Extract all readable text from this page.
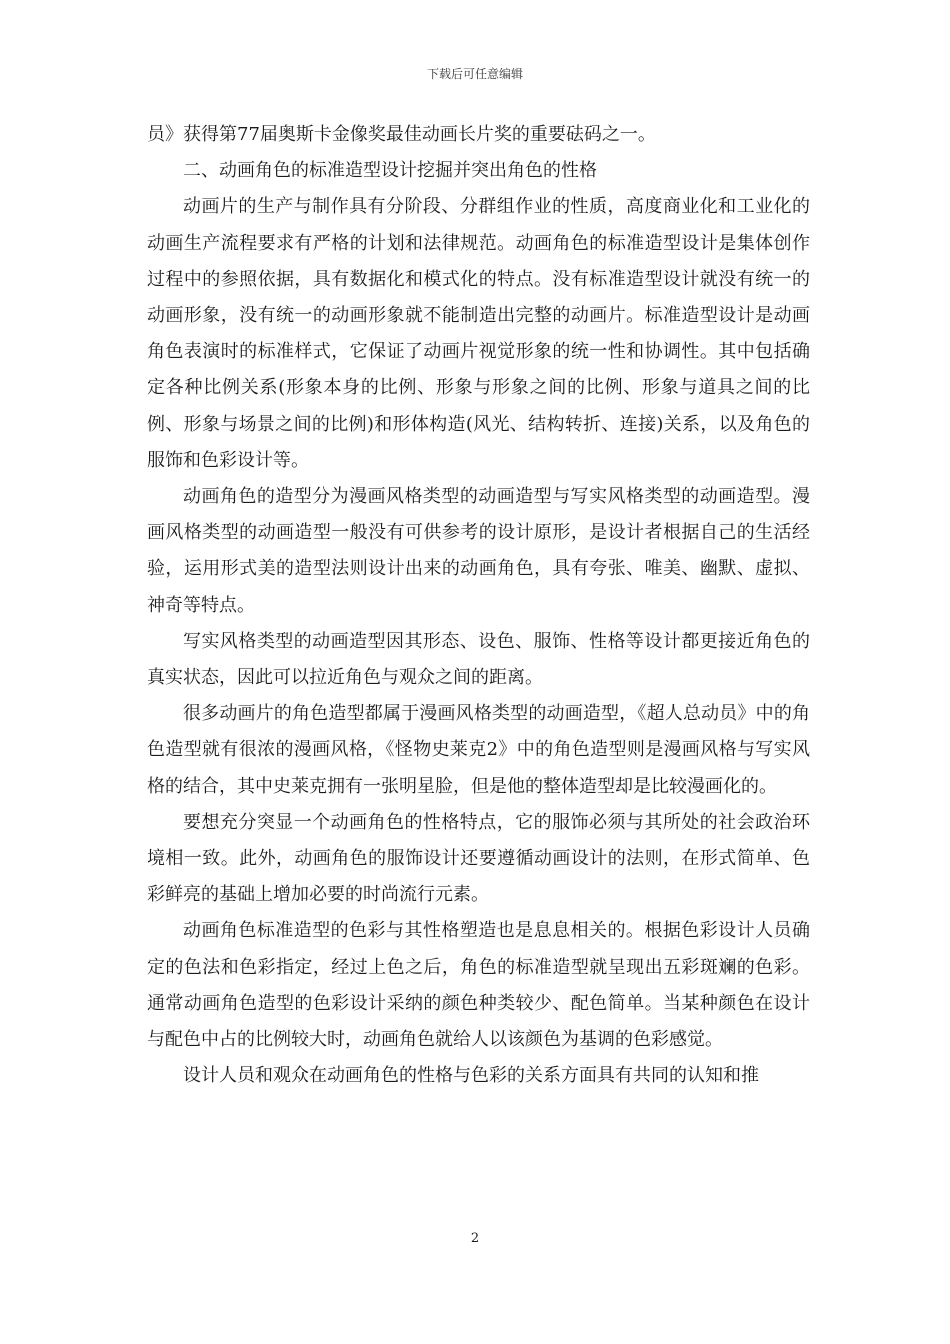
下载后可任意编辑

员》获得第77届奥斯卡金像奖最佳动画长片奖的重要砝码之一。

二、动画角色的标准造型设计挖掘并突出角色的性格

动画片的生产与制作具有分阶段、分群组作业的性质，高度商业化和工业化的动画生产流程要求有严格的计划和法律规范。动画角色的标准造型设计是集体创作过程中的参照依据，具有数据化和模式化的特点。没有标准造型设计就没有统一的动画形象，没有统一的动画形象就不能制造出完整的动画片。标准造型设计是动画角色表演时的标准样式，它保证了动画片视觉形象的统一性和协调性。其中包括确定各种比例关系(形象本身的比例、形象与形象之间的比例、形象与道具之间的比例、形象与场景之间的比例)和形体构造(风光、结构转折、连接)关系，以及角色的服饰和色彩设计等。

动画角色的造型分为漫画风格类型的动画造型与写实风格类型的动画造型。漫画风格类型的动画造型一般没有可供参考的设计原形，是设计者根据自己的生活经验，运用形式美的造型法则设计出来的动画角色，具有夸张、唯美、幽默、虚拟、神奇等特点。

写实风格类型的动画造型因其形态、设色、服饰、性格等设计都更接近角色的真实状态，因此可以拉近角色与观众之间的距离。

很多动画片的角色造型都属于漫画风格类型的动画造型，《超人总动员》中的角色造型就有很浓的漫画风格，《怪物史莱克2》中的角色造型则是漫画风格与写实风格的结合，其中史莱克拥有一张明星脸，但是他的整体造型却是比较漫画化的。

要想充分突显一个动画角色的性格特点，它的服饰必须与其所处的社会政治环境相一致。此外，动画角色的服饰设计还要遵循动画设计的法则，在形式简单、色彩鲜亮的基础上增加必要的时尚流行元素。

动画角色标准造型的色彩与其性格塑造也是息息相关的。根据色彩设计人员确定的色法和色彩指定，经过上色之后，角色的标准造型就呈现出五彩斑斓的色彩。通常动画角色造型的色彩设计采纳的颜色种类较少、配色简单。当某种颜色在设计与配色中占的比例较大时，动画角色就给人以该颜色为基调的色彩感觉。

设计人员和观众在动画角色的性格与色彩的关系方面具有共同的认知和推

2
